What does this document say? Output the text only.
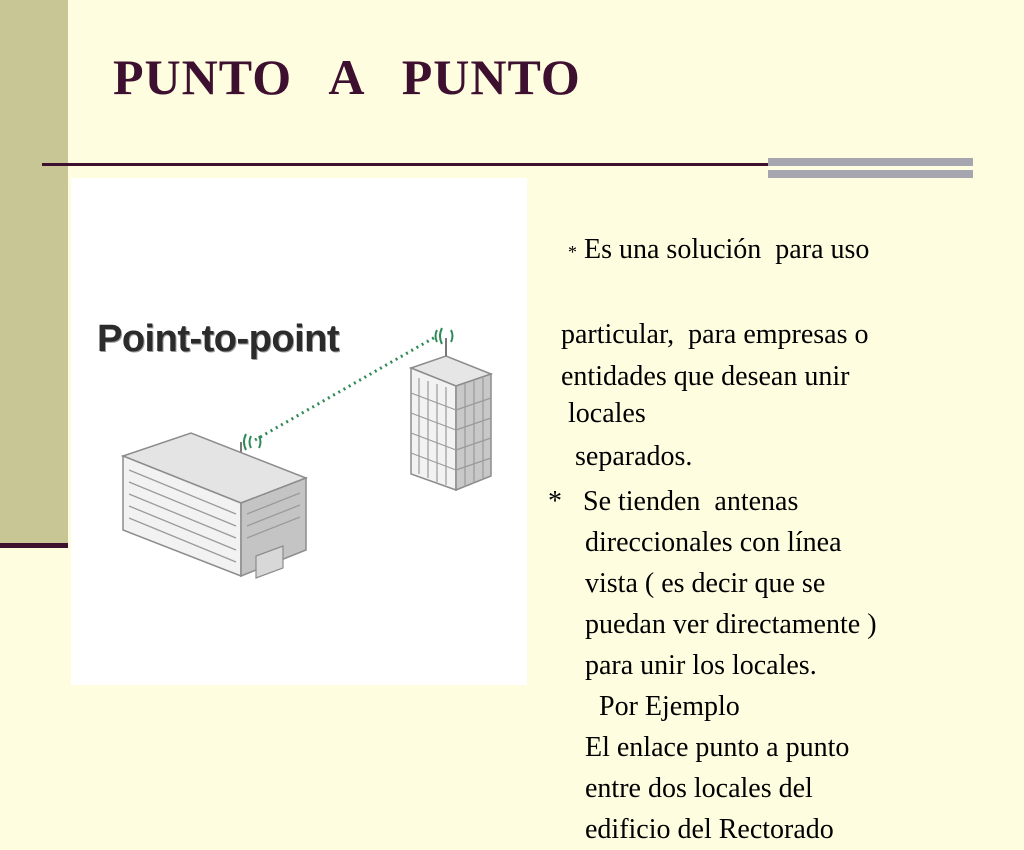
PUNTO  A  PUNTO

Point-to-point

* Es una solución  para uso

particular,  para empresas o

entidades que desean unir

locales

separados.

* Se tienden  antenas

direccionales con línea

vista ( es decir que se

puedan ver directamente )

para unir los locales.

Por Ejemplo

El enlace punto a punto

entre dos locales del

edificio del Rectorado
